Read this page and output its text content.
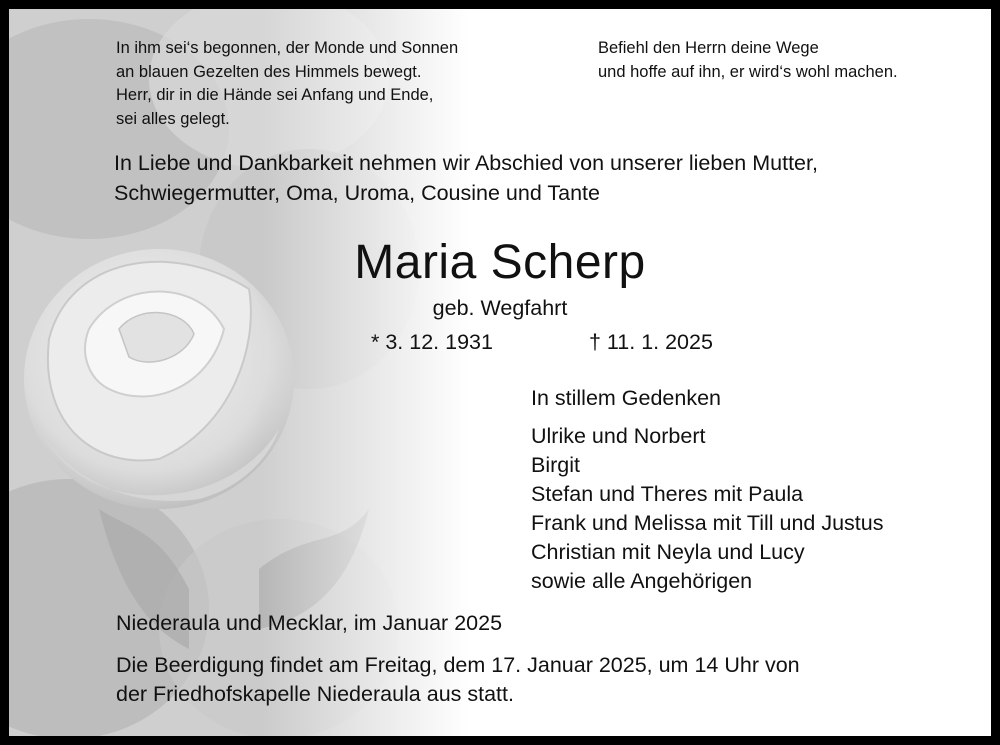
In ihm sei‘s begonnen, der Monde und Sonnen
an blauen Gezelten des Himmels bewegt.
Herr, dir in die Hände sei Anfang und Ende,
sei alles gelegt.
Befiehl den Herrn deine Wege
und hoffe auf ihn, er wird‘s wohl machen.
In Liebe und Dankbarkeit nehmen wir Abschied von unserer lieben Mutter,
Schwiegermutter, Oma, Uroma, Cousine und Tante
Maria Scherp
geb. Wegfahrt
* 3. 12. 1931	† 11. 1. 2025
In stillem Gedenken
Ulrike und Norbert
Birgit
Stefan und Theres mit Paula
Frank und Melissa mit Till und Justus
Christian mit Neyla und Lucy
sowie alle Angehörigen
Niederaula und Mecklar, im Januar 2025
Die Beerdigung findet am Freitag, dem 17. Januar 2025, um 14 Uhr von
der Friedhofskapelle Niederaula aus statt.
